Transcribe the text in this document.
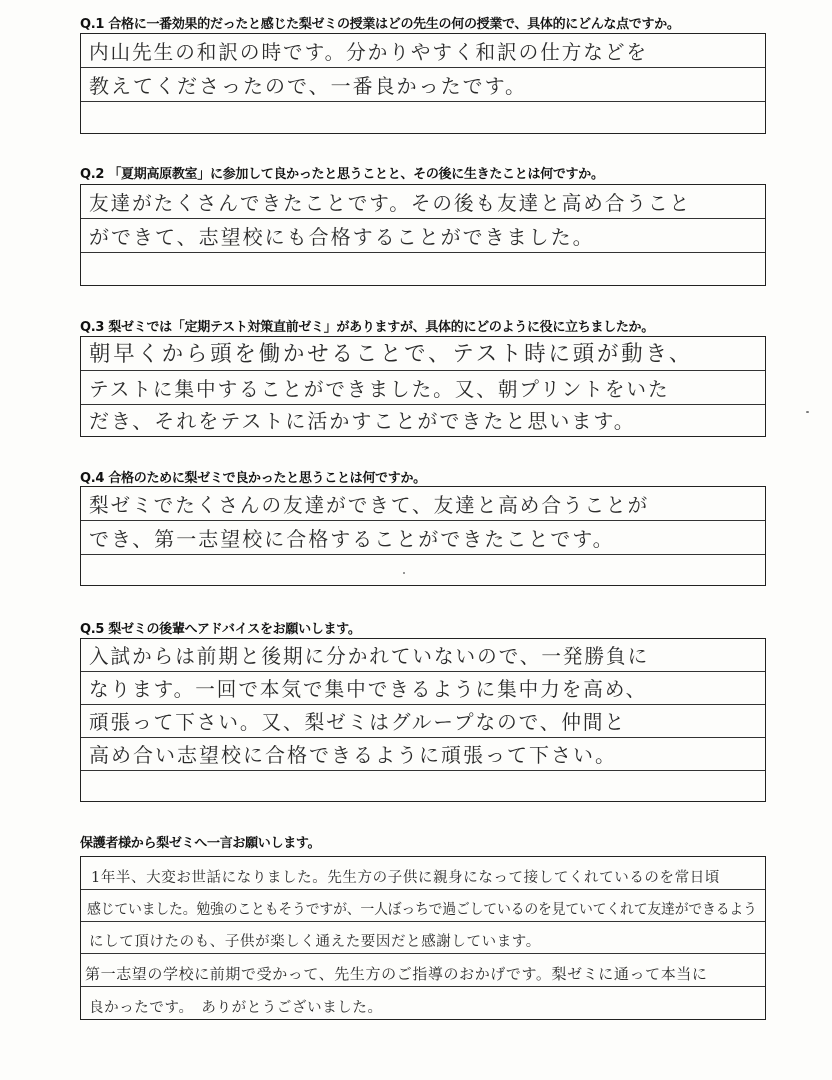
Q.1 合格に一番効果的だったと感じた梨ゼミの授業はどの先生の何の授業で、具体的にどんな点ですか。
内山先生の和訳の時です。分かりやすく和訳の仕方などを
教えてくださったので、一番良かったです。
Q.2 「夏期高原教室」に参加して良かったと思うことと、その後に生きたことは何ですか。
友達がたくさんできたことです。その後も友達と高め合うこと
ができて、志望校にも合格することができました。
Q.3 梨ゼミでは「定期テスト対策直前ゼミ」がありますが、具体的にどのように役に立ちましたか。
朝早くから頭を働かせることで、テスト時に頭が動き、
テストに集中することができました。又、朝プリントをいた
だき、それをテストに活かすことができたと思います。
Q.4 合格のために梨ゼミで良かったと思うことは何ですか。
梨ゼミでたくさんの友達ができて、友達と高め合うことが
でき、第一志望校に合格することができたことです。
Q.5 梨ゼミの後輩へアドバイスをお願いします。
入試からは前期と後期に分かれていないので、一発勝負に
なります。一回で本気で集中できるように集中力を高め、
頑張って下さい。又、梨ゼミはグループなので、仲間と
高め合い志望校に合格できるように頑張って下さい。
保護者様から梨ゼミへ一言お願いします。
1年半、大変お世話になりました。先生方の子供に親身になって接してくれているのを常日頃
感じていました。勉強のこともそうですが、一人ぼっちで過ごしているのを見ていてくれて友達ができるよう
にして頂けたのも、子供が楽しく通えた要因だと感謝しています。
第一志望の学校に前期で受かって、先生方のご指導のおかげです。梨ゼミに通って本当に
良かったです。　ありがとうございました。
